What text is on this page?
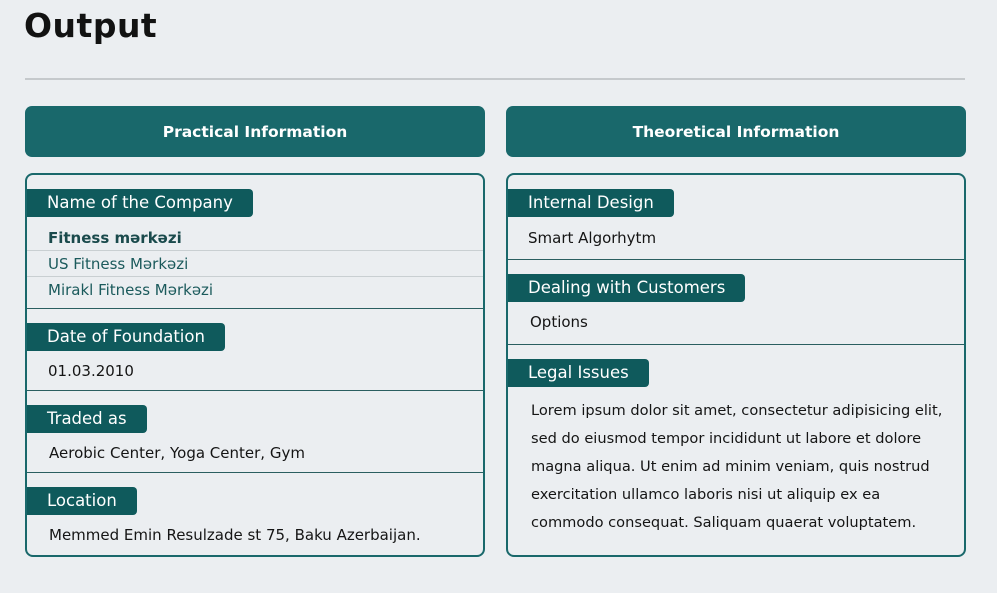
Output
Practical Information	Theoretical Information
Name of the Company
Fitness mərkəzi
US Fitness Mərkəzi
Mirakl Fitness Mərkəzi
Date of Foundation
01.03.2010
Traded as
Aerobic Center, Yoga Center, Gym
Location
Memmed Emin Resulzade st 75, Baku Azerbaijan.
Internal Design
Smart Algorhytm
Dealing with Customers
Options
Legal Issues

Lorem ipsum dolor sit amet, consectetur adipisicing elit, sed do eiusmod tempor incididunt ut labore et dolore magna aliqua. Ut enim ad minim veniam, quis nostrud exercitation ullamco laboris nisi ut aliquip ex ea commodo consequat. Saliquam quaerat voluptatem.
